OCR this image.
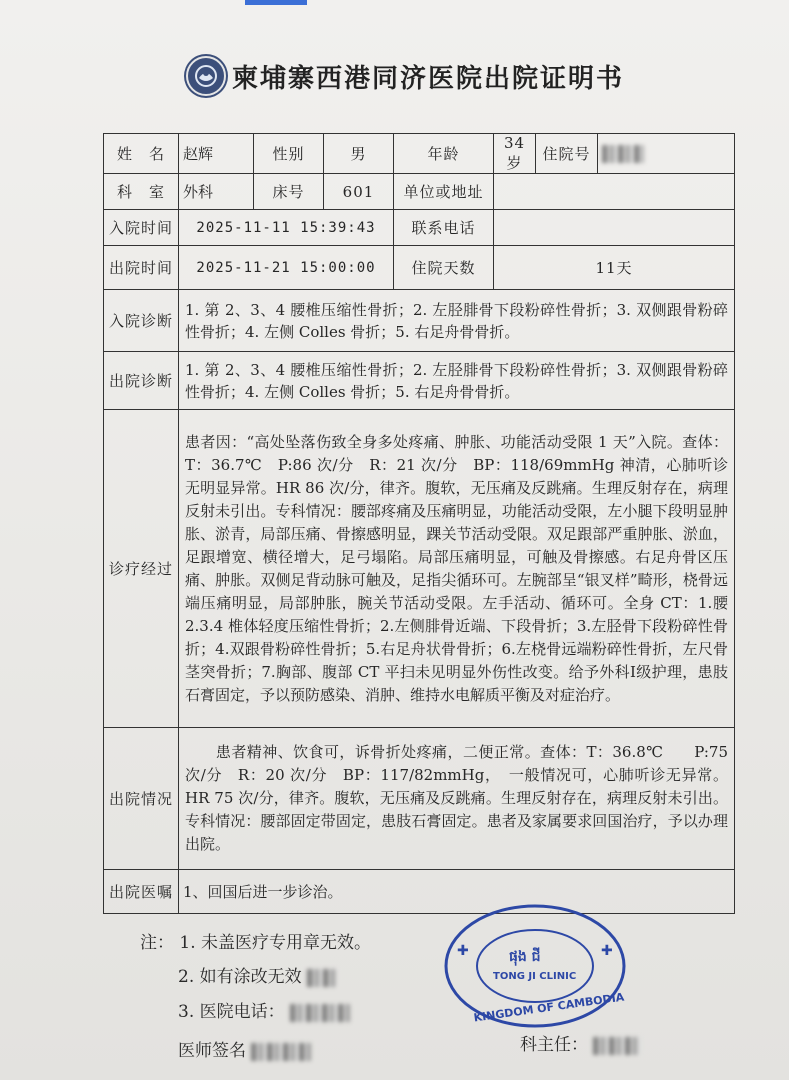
柬埔寨西港同济医院出院证明书
姓　名	赵辉	性别	男	年龄	34岁	住院号	
科　室	外科	床号	601	单位或地址			
入院时间	2025-11-11 15:39:43			联系电话			
出院时间	2025-11-21 15:00:00			住院天数	11天		
入院诊断	1. 第 2、3、4 腰椎压缩性骨折；2. 左胫腓骨下段粉碎性骨折；3. 双侧跟骨粉碎性骨折；4. 左侧 Colles 骨折；5. 右足舟骨骨折。						
出院诊断	1. 第 2、3、4 腰椎压缩性骨折；2. 左胫腓骨下段粉碎性骨折；3. 双侧跟骨粉碎性骨折；4. 左侧 Colles 骨折；5. 右足舟骨骨折。						
诊疗经过	患者因：“高处坠落伤致全身多处疼痛、肿胀、功能活动受限 1 天”入院。查体：T：36.7℃　P:86 次/分　R：21 次/分　BP：118/69mmHg 神清，心肺听诊无明显异常。HR 86 次/分，律齐。腹软，无压痛及反跳痛。生理反射存在，病理反射未引出。专科情况：腰部疼痛及压痛明显，功能活动受限，左小腿下段明显肿胀、淤青，局部压痛、骨擦感明显，踝关节活动受限。双足跟部严重肿胀、淤血，足跟增宽、横径增大，足弓塌陷。局部压痛明显，可触及骨擦感。右足舟骨区压痛、肿胀。双侧足背动脉可触及，足指尖循环可。左腕部呈“银叉样”畸形，桡骨远端压痛明显，局部肿胀，腕关节活动受限。左手活动、循环可。全身 CT：1.腰 2.3.4 椎体轻度压缩性骨折；2.左侧腓骨近端、下段骨折；3.左胫骨下段粉碎性骨折；4.双跟骨粉碎性骨折；5.右足舟状骨骨折；6.左桡骨远端粉碎性骨折，左尺骨茎突骨折；7.胸部、腹部 CT 平扫未见明显外伤性改变。给予外科Ⅰ级护理，患肢石膏固定，予以预防感染、消肿、维持水电解质平衡及对症治疗。						
出院情况	　　患者精神、饮食可，诉骨折处疼痛，二便正常。查体：T：36.8℃　　P:75 次/分　R：20 次/分　BP：117/82mmHg，　一般情况可，心肺听诊无异常。HR 75 次/分，律齐。腹软，无压痛及反跳痛。生理反射存在，病理反射未引出。专科情况：腰部固定带固定，患肢石膏固定。患者及家属要求回国治疗，予以办理出院。						
出院医嘱	1、回国后进一步诊治。						
注： 1. 未盖医疗专用章无效。
2. 如有涂改无效
3. 医院电话：
医师签名	科主任：
✚	✚
ផុង ជី
TONG JI CLINIC
KINGDOM OF CAMBODIA
